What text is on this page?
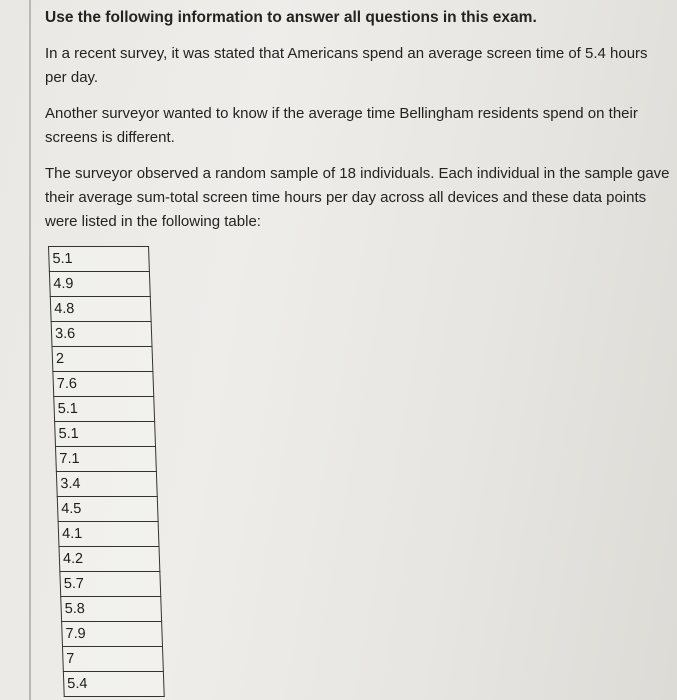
Use the following information to answer all questions in this exam.

In a recent survey, it was stated that Americans spend an average screen time of 5.4 hours per day.

Another surveyor wanted to know if the average time Bellingham residents spend on their screens is different.

The surveyor observed a random sample of 18 individuals. Each individual in the sample gave their average sum-total screen time hours per day across all devices and these data points were listed in the following table:

5.1
4.9
4.8
3.6
2
7.6
5.1
5.1
7.1
3.4
4.5
4.1
4.2
5.7
5.8
7.9
7
5.4
